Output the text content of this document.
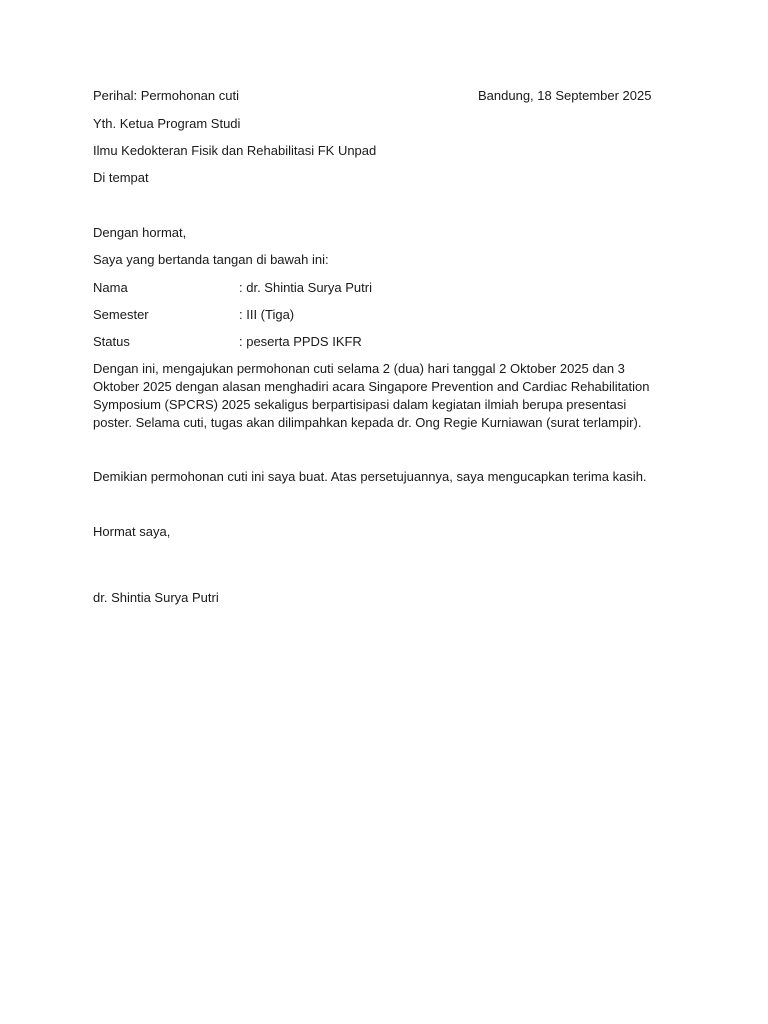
Perihal: Permohonan cuti	Bandung, 18 September 2025
Yth. Ketua Program Studi
Ilmu Kedokteran Fisik dan Rehabilitasi FK Unpad
Di tempat
Dengan hormat,
Saya yang bertanda tangan di bawah ini:
Nama	: dr. Shintia Surya Putri
Semester	: III (Tiga)
Status	: peserta PPDS IKFR
Dengan ini, mengajukan permohonan cuti selama 2 (dua) hari tanggal 2 Oktober 2025 dan 3
Oktober 2025 dengan alasan menghadiri acara Singapore Prevention and Cardiac Rehabilitation
Symposium (SPCRS) 2025 sekaligus berpartisipasi dalam kegiatan ilmiah berupa presentasi
poster. Selama cuti, tugas akan dilimpahkan kepada dr. Ong Regie Kurniawan (surat terlampir).
Demikian permohonan cuti ini saya buat. Atas persetujuannya, saya mengucapkan terima kasih.
Hormat saya,
dr. Shintia Surya Putri
